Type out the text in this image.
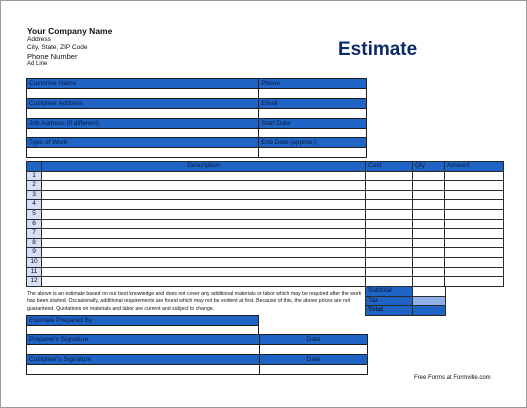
Your Company Name
Address
City, State, ZIP Code
Phone Number
Ad Line
Estimate
Customer Name	Phone

Customer Address	Email

Job Address (if different)	Start Date

Type of Work	End Date (approx.)

	Description	Cost	Qty	Amount
1				
2				
3				
4				
5				
6				
7				
8				
9				
10				
11				
12				
The above is an estimate based on our best knowledge and does not cover any additional materials or labor which may be required after the work has been started. Occasionally, additional requirements are found which may not be evident at first. Because of this, the above prices are not guaranteed. Quotations on materials and labor are current and subject to change.
Subtotal	
Tax	
Total	
Estimate Prepared By

Preparer's Signature	Date

Customer's Signature	Date

Free Forms at Formville.com
